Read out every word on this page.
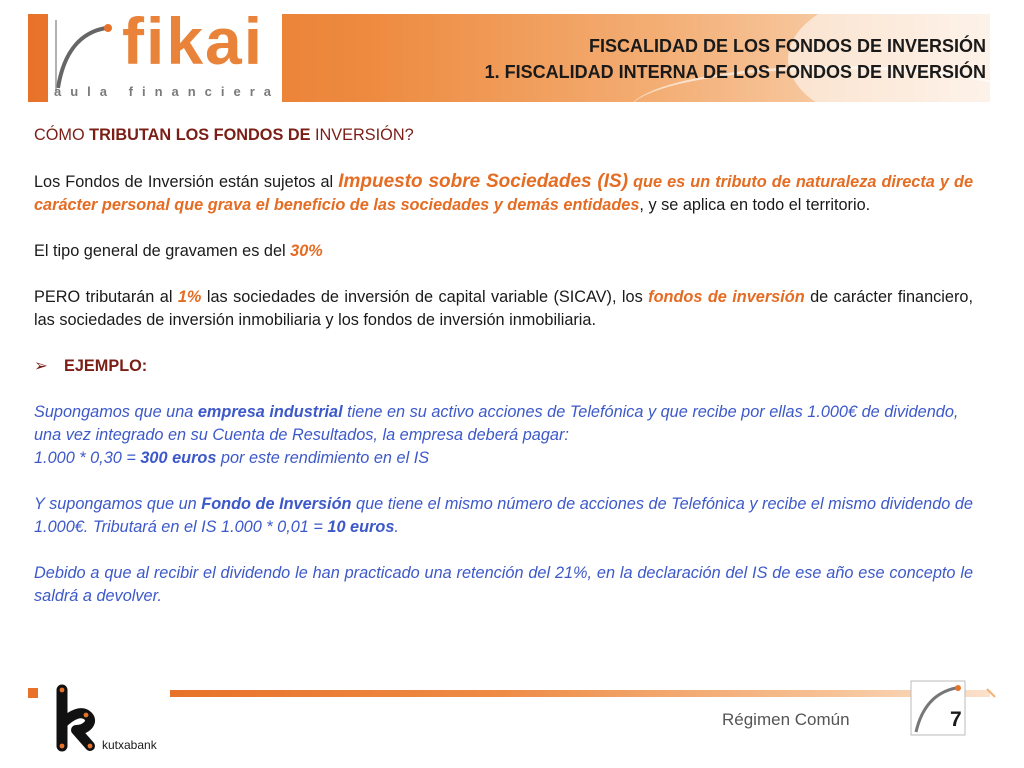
fikai
aula financiera
FISCALIDAD DE LOS FONDOS DE INVERSIÓN
1. FISCALIDAD INTERNA DE LOS FONDOS DE INVERSIÓN

CÓMO TRIBUTAN LOS FONDOS DE INVERSIÓN?

Los Fondos de Inversión están sujetos al Impuesto sobre Sociedades (IS) que es un tributo de naturaleza directa y de carácter personal que grava el beneficio de las sociedades y demás entidades, y se aplica en todo el territorio.

El tipo general de gravamen es del 30%

PERO tributarán al 1% las sociedades de inversión de capital variable (SICAV), los fondos de inversión de carácter financiero, las sociedades de inversión inmobiliaria y los fondos de inversión inmobiliaria.

➢ EJEMPLO:

Supongamos que una empresa industrial tiene en su activo acciones de Telefónica y que recibe por ellas 1.000€ de dividendo, una vez integrado en su Cuenta de Resultados, la empresa deberá pagar:
1.000 * 0,30 = 300 euros por este rendimiento en el IS

Y supongamos que un Fondo de Inversión que tiene el mismo número de acciones de Telefónica y recibe el mismo dividendo de 1.000€. Tributará en el IS 1.000 * 0,01 = 10 euros.

Debido a que al recibir el dividendo le han practicado una retención del 21%, en la declaración del IS de ese año ese concepto le saldrá a devolver.

kutxabank
Régimen Común	7
